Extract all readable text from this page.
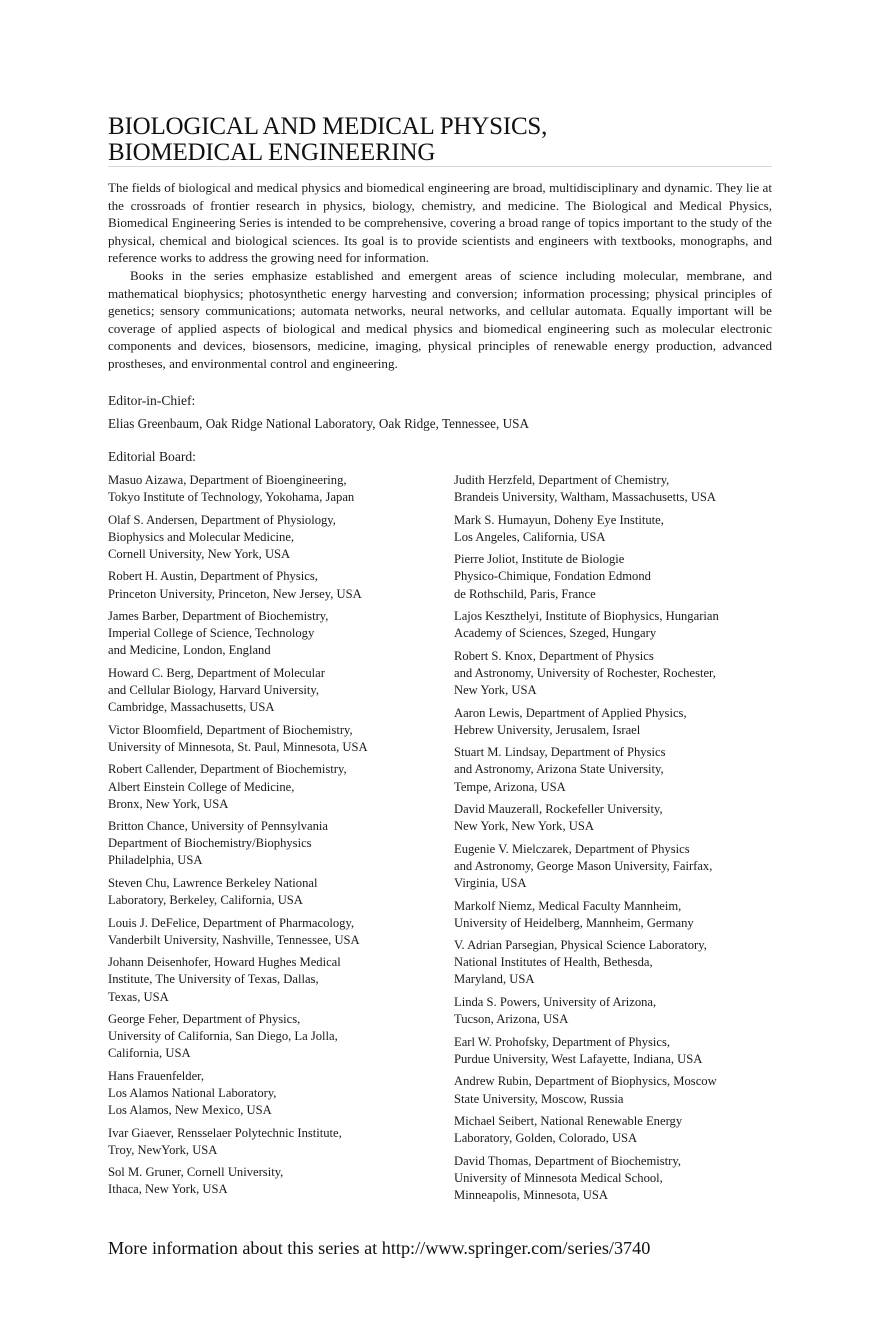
BIOLOGICAL AND MEDICAL PHYSICS,
BIOMEDICAL ENGINEERING

The fields of biological and medical physics and biomedical engineering are broad, multidisciplinary and dynamic. They lie at the crossroads of frontier research in physics, biology, chemistry, and medicine. The Biological and Medical Physics, Biomedical Engineering Series is intended to be comprehensive, covering a broad range of topics important to the study of the physical, chemical and biological sciences. Its goal is to provide scientists and engineers with textbooks, monographs, and reference works to address the growing need for information.

Books in the series emphasize established and emergent areas of science including molecular, membrane, and mathematical biophysics; photosynthetic energy harvesting and conversion; information processing; physical principles of genetics; sensory communications; automata networks, neural networks, and cellular automata. Equally important will be coverage of applied aspects of biological and medical physics and biomedical engineering such as molecular electronic components and devices, biosensors, medicine, imaging, physical principles of renewable energy production, advanced prostheses, and environmental control and engineering.

Editor-in-Chief:
Elias Greenbaum, Oak Ridge National Laboratory, Oak Ridge, Tennessee, USA
Editorial Board:
Masuo Aizawa, Department of Bioengineering,
Tokyo Institute of Technology, Yokohama, Japan
Olaf S. Andersen, Department of Physiology,
Biophysics and Molecular Medicine,
Cornell University, New York, USA
Robert H. Austin, Department of Physics,
Princeton University, Princeton, New Jersey, USA
James Barber, Department of Biochemistry,
Imperial College of Science, Technology
and Medicine, London, England
Howard C. Berg, Department of Molecular
and Cellular Biology, Harvard University,
Cambridge, Massachusetts, USA
Victor Bloomfield, Department of Biochemistry,
University of Minnesota, St. Paul, Minnesota, USA
Robert Callender, Department of Biochemistry,
Albert Einstein College of Medicine,
Bronx, New York, USA
Britton Chance, University of Pennsylvania
Department of Biochemistry/Biophysics
Philadelphia, USA
Steven Chu, Lawrence Berkeley National
Laboratory, Berkeley, California, USA
Louis J. DeFelice, Department of Pharmacology,
Vanderbilt University, Nashville, Tennessee, USA
Johann Deisenhofer, Howard Hughes Medical
Institute, The University of Texas, Dallas,
Texas, USA
George Feher, Department of Physics,
University of California, San Diego, La Jolla,
California, USA
Hans Frauenfelder,
Los Alamos National Laboratory,
Los Alamos, New Mexico, USA
Ivar Giaever, Rensselaer Polytechnic Institute,
Troy, NewYork, USA
Sol M. Gruner, Cornell University,
Ithaca, New York, USA
Judith Herzfeld, Department of Chemistry,
Brandeis University, Waltham, Massachusetts, USA
Mark S. Humayun, Doheny Eye Institute,
Los Angeles, California, USA
Pierre Joliot, Institute de Biologie
Physico-Chimique, Fondation Edmond
de Rothschild, Paris, France
Lajos Keszthelyi, Institute of Biophysics, Hungarian
Academy of Sciences, Szeged, Hungary
Robert S. Knox, Department of Physics
and Astronomy, University of Rochester, Rochester,
New York, USA
Aaron Lewis, Department of Applied Physics,
Hebrew University, Jerusalem, Israel
Stuart M. Lindsay, Department of Physics
and Astronomy, Arizona State University,
Tempe, Arizona, USA
David Mauzerall, Rockefeller University,
New York, New York, USA
Eugenie V. Mielczarek, Department of Physics
and Astronomy, George Mason University, Fairfax,
Virginia, USA
Markolf Niemz, Medical Faculty Mannheim,
University of Heidelberg, Mannheim, Germany
V. Adrian Parsegian, Physical Science Laboratory,
National Institutes of Health, Bethesda,
Maryland, USA
Linda S. Powers, University of Arizona,
Tucson, Arizona, USA
Earl W. Prohofsky, Department of Physics,
Purdue University, West Lafayette, Indiana, USA
Andrew Rubin, Department of Biophysics, Moscow
State University, Moscow, Russia
Michael Seibert, National Renewable Energy
Laboratory, Golden, Colorado, USA
David Thomas, Department of Biochemistry,
University of Minnesota Medical School,
Minneapolis, Minnesota, USA
More information about this series at http://www.springer.com/series/3740
